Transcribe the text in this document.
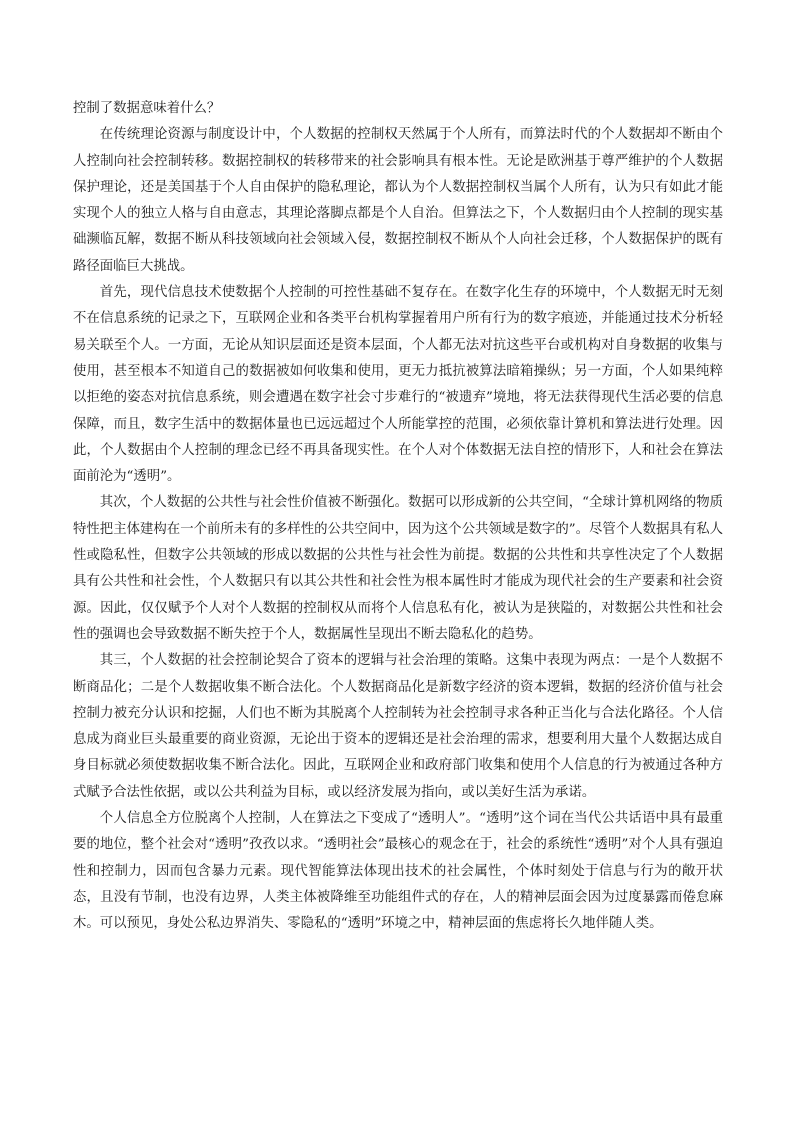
控制了数据意味着什么？

在传统理论资源与制度设计中，个人数据的控制权天然属于个人所有，而算法时代的个人数据却不断由个人控制向社会控制转移。数据控制权的转移带来的社会影响具有根本性。无论是欧洲基于尊严维护的个人数据保护理论，还是美国基于个人自由保护的隐私理论，都认为个人数据控制权当属个人所有，认为只有如此才能实现个人的独立人格与自由意志，其理论落脚点都是个人自治。但算法之下，个人数据归由个人控制的现实基础濒临瓦解，数据不断从科技领域向社会领域入侵，数据控制权不断从个人向社会迁移，个人数据保护的既有路径面临巨大挑战。

首先，现代信息技术使数据个人控制的可控性基础不复存在。在数字化生存的环境中，个人数据无时无刻不在信息系统的记录之下，互联网企业和各类平台机构掌握着用户所有行为的数字痕迹，并能通过技术分析轻易关联至个人。一方面，无论从知识层面还是资本层面，个人都无法对抗这些平台或机构对自身数据的收集与使用，甚至根本不知道自己的数据被如何收集和使用，更无力抵抗被算法暗箱操纵；另一方面，个人如果纯粹以拒绝的姿态对抗信息系统，则会遭遇在数字社会寸步难行的“被遗弃”境地，将无法获得现代生活必要的信息保障，而且，数字生活中的数据体量也已远远超过个人所能掌控的范围，必须依靠计算机和算法进行处理。因此，个人数据由个人控制的理念已经不再具备现实性。在个人对个体数据无法自控的情形下，人和社会在算法面前沦为“透明”。

其次，个人数据的公共性与社会性价值被不断强化。数据可以形成新的公共空间，“全球计算机网络的物质特性把主体建构在一个前所未有的多样性的公共空间中，因为这个公共领域是数字的”。尽管个人数据具有私人性或隐私性，但数字公共领域的形成以数据的公共性与社会性为前提。数据的公共性和共享性决定了个人数据具有公共性和社会性，个人数据只有以其公共性和社会性为根本属性时才能成为现代社会的生产要素和社会资源。因此，仅仅赋予个人对个人数据的控制权从而将个人信息私有化，被认为是狭隘的，对数据公共性和社会性的强调也会导致数据不断失控于个人，数据属性呈现出不断去隐私化的趋势。

其三，个人数据的社会控制论契合了资本的逻辑与社会治理的策略。这集中表现为两点：一是个人数据不断商品化；二是个人数据收集不断合法化。个人数据商品化是新数字经济的资本逻辑，数据的经济价值与社会控制力被充分认识和挖掘，人们也不断为其脱离个人控制转为社会控制寻求各种正当化与合法化路径。个人信息成为商业巨头最重要的商业资源，无论出于资本的逻辑还是社会治理的需求，想要利用大量个人数据达成自身目标就必须使数据收集不断合法化。因此，互联网企业和政府部门收集和使用个人信息的行为被通过各种方式赋予合法性依据，或以公共利益为目标，或以经济发展为指向，或以美好生活为承诺。

个人信息全方位脱离个人控制，人在算法之下变成了“透明人”。“透明”这个词在当代公共话语中具有最重要的地位，整个社会对“透明”孜孜以求。“透明社会”最核心的观念在于，社会的系统性“透明”对个人具有强迫性和控制力，因而包含暴力元素。现代智能算法体现出技术的社会属性，个体时刻处于信息与行为的敞开状态，且没有节制，也没有边界，人类主体被降维至功能组件式的存在，人的精神层面会因为过度暴露而倦怠麻木。可以预见，身处公私边界消失、零隐私的“透明”环境之中，精神层面的焦虑将长久地伴随人类。
